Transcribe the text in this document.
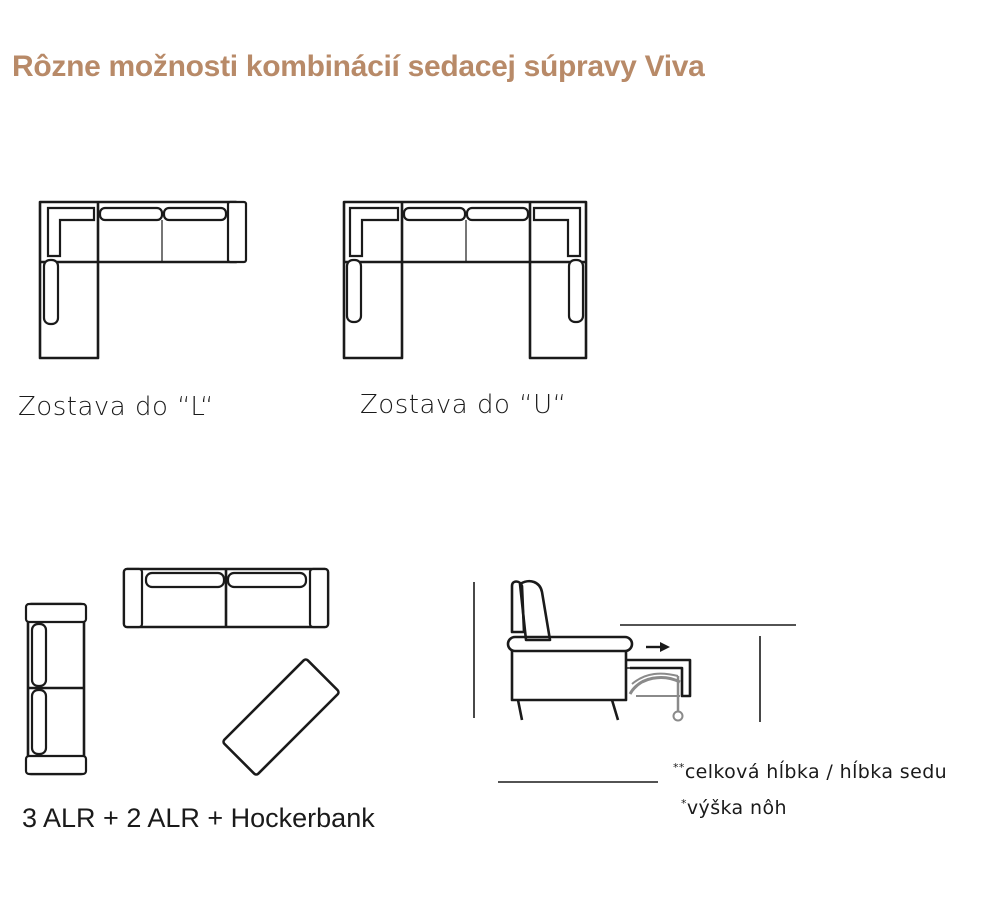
Rôzne možnosti kombinácií sedacej súpravy Viva
Zostava do “L“	Zostava do “U“
3 ALR + 2 ALR + Hockerbank
**celková hĺbka / hĺbka sedu
*výška nôh
